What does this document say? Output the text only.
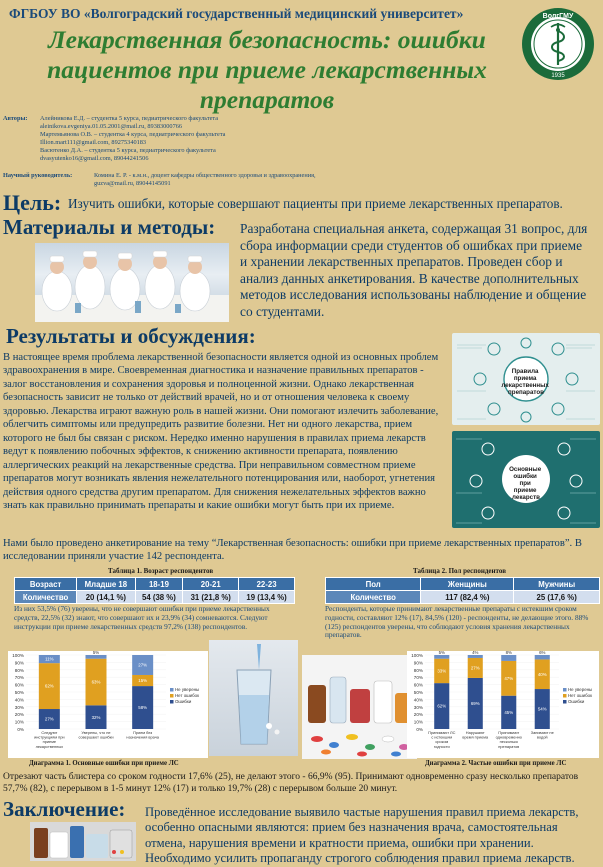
ФГБОУ ВО «Волгоградский государственный медицинский университет»
Лекарственная безопасность: ошибки
пациентов при приеме лекарственных
препаратов
ВолгГМУ
1935
Авторы: Алейникова Е.Д. – студентка 5 курса, педиатрического факультета
aleinikova.evgeniya.01.05.2001@mail.ru, 89383000766
Мартемьянова О.В. – студентка 4 курса, педиатрического факультета
Illion.mart111@gmail.com, 89275340183
Васютенко Д.А. – студентка 5 курса, педиатрического факультета
dvasyutenko16@gmail.com, 89044241506
Научный руководитель:	Комина Е. Р. - к.м.н., доцент кафедры общественного здоровья и здравоохранения,
guzva@mail.ru, 89044145091
Цель: Изучить ошибки, которые совершают пациенты при приеме лекарственных препаратов.
Материалы и методы: Разработана специальная анкета, содержащая 31 вопрос, для
сбора информации среди студентов об ошибках при приеме
и хранении лекарственных препаратов. Проведен сбор и
анализ данных анкетирования. В качестве дополнительных
методов исследования использованы наблюдение и общение
со студентами.
Результаты и обсуждения:
В настоящее время проблема лекарственной безопасности является одной из основных проблем здравоохранения в мире. Своевременная диагностика и назначение правильных препаратов - залог восстановления и сохранения здоровья и полноценной жизни. Однако лекарственная безопасность зависит не только от действий врачей, но и от отношения человека к своему здоровью. Лекарства играют важную роль в нашей жизни. Они помогают излечить заболевание, облегчить симптомы или предупредить развитие болезни. Нет ни одного лекарства, прием которого не был бы связан с риском. Нередко именно нарушения в правилах приема лекарств ведут к появлению побочных эффектов, к снижению активности препарата, появлению аллергических реакций на лекарственные средства. При неправильном совместном приеме препаратов могут возникать явления нежелательного потенцирования или, наоборот, угнетения действия одного средства другим препаратом. Для снижения нежелательных эффектов важно знать как правильно принимать препараты и какие ошибки могут быть при их приеме.
Правила приема лекарственных препаратов
Основные ошибки при приеме лекарств
Нами было проведено анкетирование на тему “Лекарственная безопасность: ошибки при приеме лекарственных препаратов”. В исследовании приняли участие 142 респондента.
Таблица 1. Возраст респондентов
Возраст	Младше 18	18-19	20-21	22-23
Количество	20 (14,1 %)	54 (38 %)	31 (21,8 %)	19 (13,4 %)
Таблица 2. Пол респондентов
Пол	Женщины	Мужчины
Количество	117 (82,4 %)	25 (17,6 %)
Из них 53,5% (76) уверены, что не совершают ошибки при приеме лекарственных средств, 22,5% (32) знают, что совершают их и 23,9% (34) сомневаются. Следуют инструкции при приеме лекарственных средств 97,2% (138) респондентов.
Респонденты, которые принимают лекарственные препараты с истекшим сроком годности, составляют 12% (17), 84,5% (120) - респонденты, не делающие этого. 88% (125) респондентов уверены, что соблюдают условия хранения лекарственных препаратов.
100%
90%
80%
70%
60%
50%
40%
30%
20%
10%
0%
27%
62%
11%
Следуют
инструкциям при
приеме
лекарственных
32%
63%
5%
Уверены, что не
совершают ошибки
58%
15%
27%
Прием без
назначения врача
Не уверены
Нет ошибок
Ошибки
Диаграмма 1. Основные ошибки при приеме ЛС
100%
90%
80%
70%
60%
50%
40%
30%
20%
10%
0%
62%
33%
5%
Принимают ЛС
с истекшим
сроком
годности
69%
27%
4%
Нарушают
время приема
45%
47%
8%
Принимают
одновременно
несколько
препаратов
54%
40%
6%
Запивают не
водой
Не уверены
Нет ошибок
Ошибки
Диаграмма 2. Частые ошибки при приеме ЛС
Отрезают часть блистера со сроком годности 17,6% (25), не делают этого - 66,9% (95). Принимают одновременно сразу несколько препаратов 57,7% (82), с перерывом в 1-5 минут 12% (17) и только 19,7% (28) с перерывом больше 20 минут.
Заключение: Проведённое исследование выявило частые нарушения правил приема лекарств, особенно опасными являются: прием без назначения врача, самостоятельная отмена, нарушения времени и кратности приема, ошибки при хранении. Необходимо усилить пропаганду строгого соблюдения правил приема лекарств.
